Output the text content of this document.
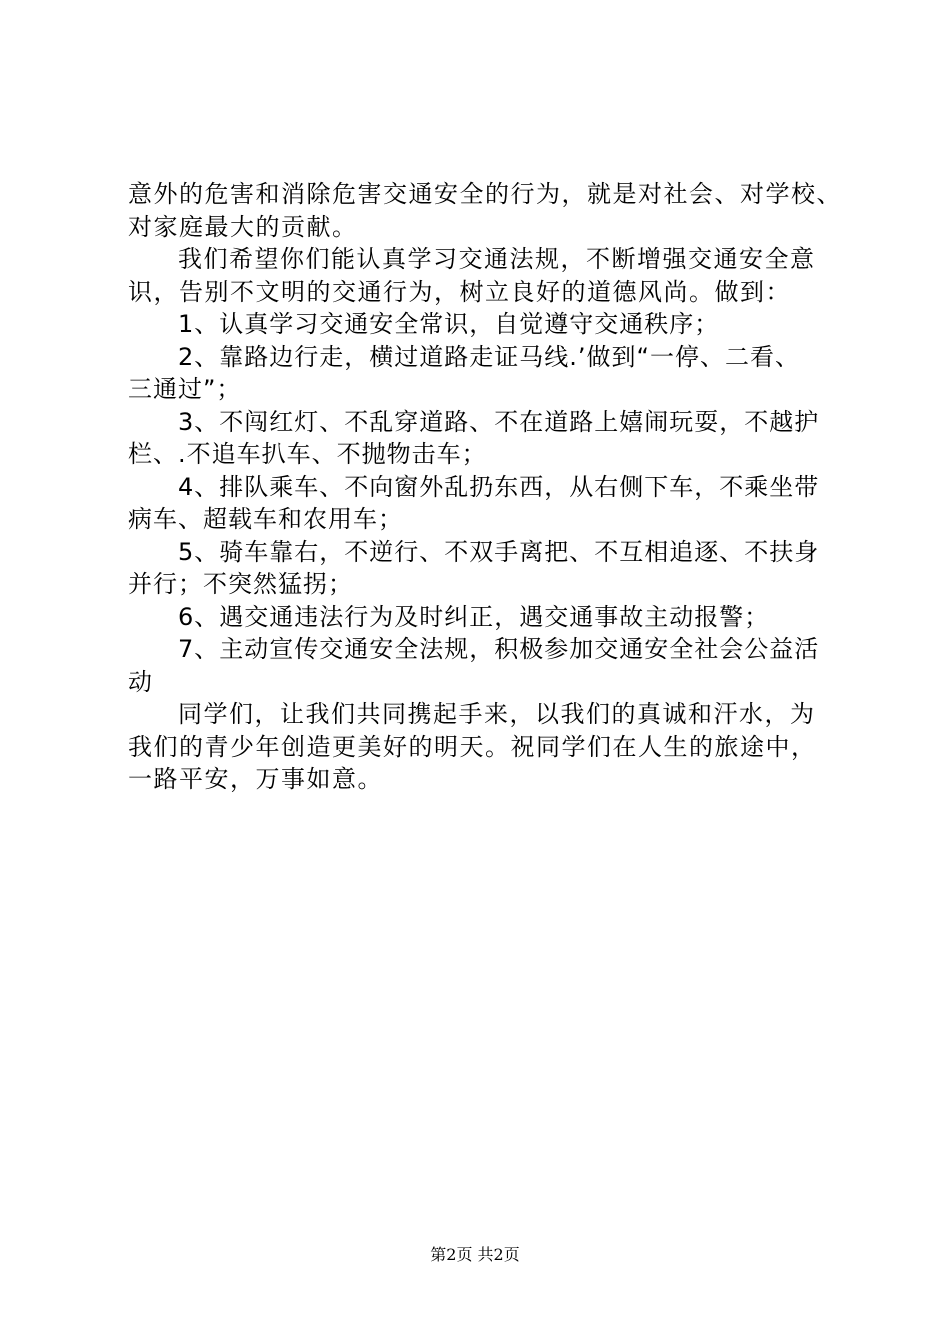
意外的危害和消除危害交通安全的行为，就是对社会、对学校、
对家庭最大的贡献。
我们希望你们能认真学习交通法规，不断增强交通安全意
识，告别不文明的交通行为，树立良好的道德风尚。做到：
1、认真学习交通安全常识，自觉遵守交通秩序；
2、靠路边行走，横过道路走证马线.’做到“一停、二看、
三通过”；
3、不闯红灯、不乱穿道路、不在道路上嬉闹玩耍，不越护
栏、.不追车扒车、不抛物击车；
4、排队乘车、不向窗外乱扔东西，从右侧下车，不乘坐带
病车、超载车和农用车；
5、骑车靠右，不逆行、不双手离把、不互相追逐、不扶身
并行；不突然猛拐；
6、遇交通违法行为及时纠正，遇交通事故主动报警；
7、主动宣传交通安全法规，积极参加交通安全社会公益活
动
同学们，让我们共同携起手来，以我们的真诚和汗水，为
我们的青少年创造更美好的明天。祝同学们在人生的旅途中，
一路平安，万事如意。
第2页 共2页
